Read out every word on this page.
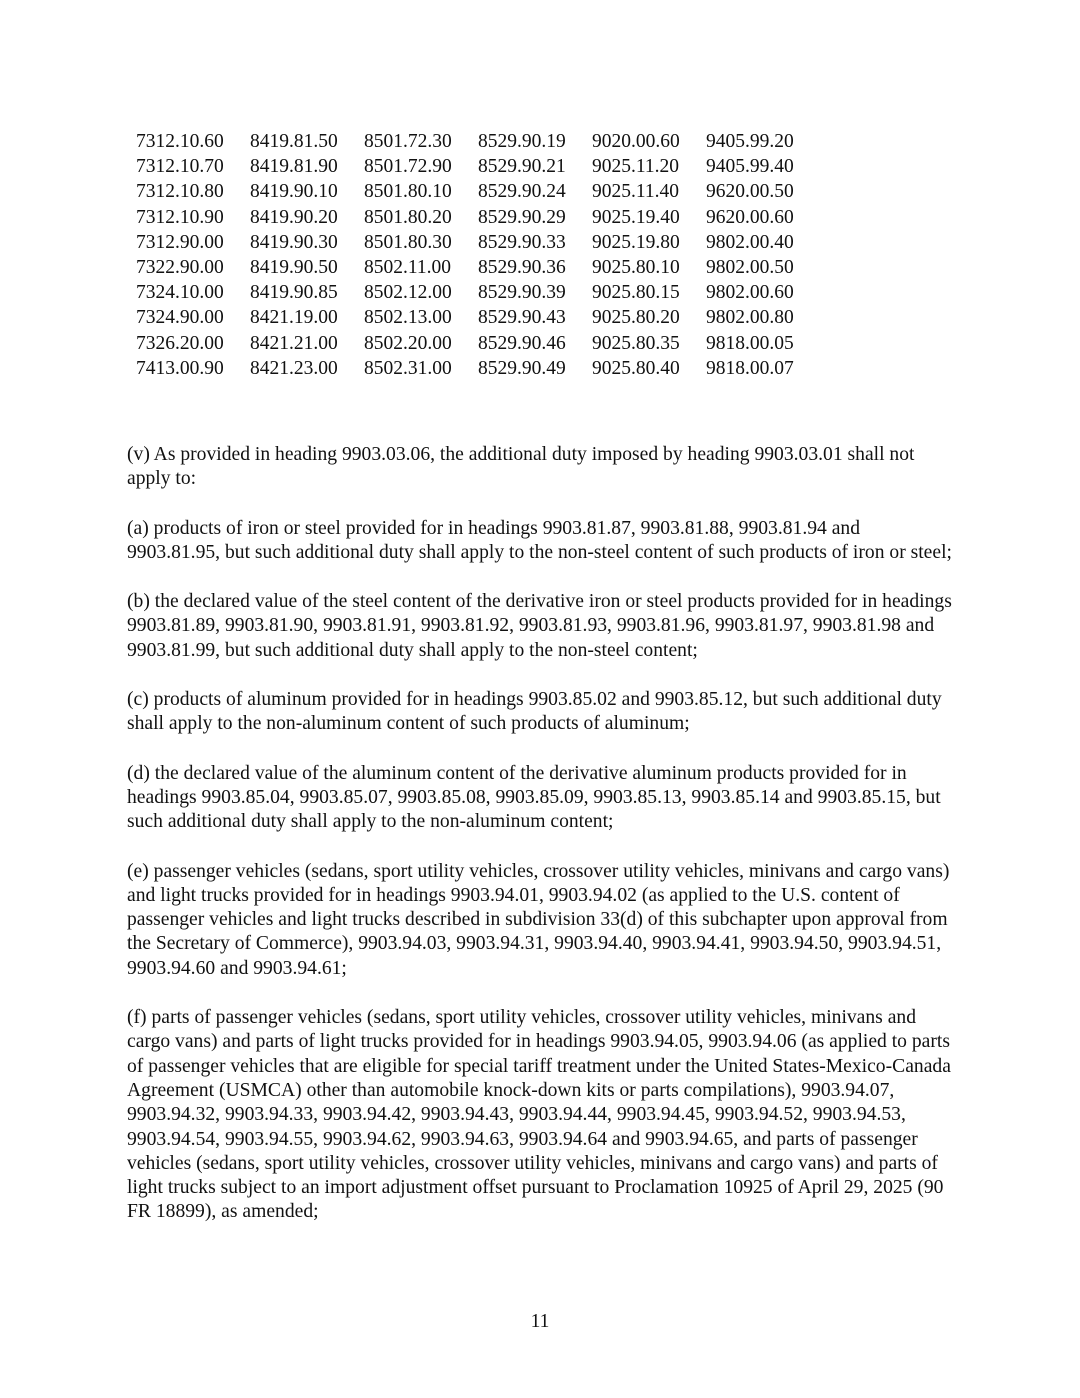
7312.10.60	8419.81.50	8501.72.30	8529.90.19	9020.00.60	9405.99.20
7312.10.70	8419.81.90	8501.72.90	8529.90.21	9025.11.20	9405.99.40
7312.10.80	8419.90.10	8501.80.10	8529.90.24	9025.11.40	9620.00.50
7312.10.90	8419.90.20	8501.80.20	8529.90.29	9025.19.40	9620.00.60
7312.90.00	8419.90.30	8501.80.30	8529.90.33	9025.19.80	9802.00.40
7322.90.00	8419.90.50	8502.11.00	8529.90.36	9025.80.10	9802.00.50
7324.10.00	8419.90.85	8502.12.00	8529.90.39	9025.80.15	9802.00.60
7324.90.00	8421.19.00	8502.13.00	8529.90.43	9025.80.20	9802.00.80
7326.20.00	8421.21.00	8502.20.00	8529.90.46	9025.80.35	9818.00.05
7413.00.90	8421.23.00	8502.31.00	8529.90.49	9025.80.40	9818.00.07

(v) As provided in heading 9903.03.06, the additional duty imposed by heading 9903.03.01 shall not apply to:

(a) products of iron or steel provided for in headings 9903.81.87, 9903.81.88, 9903.81.94 and 9903.81.95, but such additional duty shall apply to the non-steel content of such products of iron or steel;

(b) the declared value of the steel content of the derivative iron or steel products provided for in headings 9903.81.89, 9903.81.90, 9903.81.91, 9903.81.92, 9903.81.93, 9903.81.96, 9903.81.97, 9903.81.98 and 9903.81.99, but such additional duty shall apply to the non-steel content;

(c) products of aluminum provided for in headings 9903.85.02 and 9903.85.12, but such additional duty shall apply to the non-aluminum content of such products of aluminum;

(d) the declared value of the aluminum content of the derivative aluminum products provided for in headings 9903.85.04, 9903.85.07, 9903.85.08, 9903.85.09, 9903.85.13, 9903.85.14 and 9903.85.15, but such additional duty shall apply to the non-aluminum content;

(e) passenger vehicles (sedans, sport utility vehicles, crossover utility vehicles, minivans and cargo vans) and light trucks provided for in headings 9903.94.01, 9903.94.02 (as applied to the U.S. content of passenger vehicles and light trucks described in subdivision 33(d) of this subchapter upon approval from the Secretary of Commerce), 9903.94.03, 9903.94.31, 9903.94.40, 9903.94.41, 9903.94.50, 9903.94.51, 9903.94.60 and 9903.94.61;

(f) parts of passenger vehicles (sedans, sport utility vehicles, crossover utility vehicles, minivans and cargo vans) and parts of light trucks provided for in headings 9903.94.05, 9903.94.06 (as applied to parts of passenger vehicles that are eligible for special tariff treatment under the United States-Mexico-Canada Agreement (USMCA) other than automobile knock-down kits or parts compilations), 9903.94.07, 9903.94.32, 9903.94.33, 9903.94.42, 9903.94.43, 9903.94.44, 9903.94.45, 9903.94.52, 9903.94.53, 9903.94.54, 9903.94.55, 9903.94.62, 9903.94.63, 9903.94.64 and 9903.94.65, and parts of passenger vehicles (sedans, sport utility vehicles, crossover utility vehicles, minivans and cargo vans) and parts of light trucks subject to an import adjustment offset pursuant to Proclamation 10925 of April 29, 2025 (90 FR 18899), as amended;

11
